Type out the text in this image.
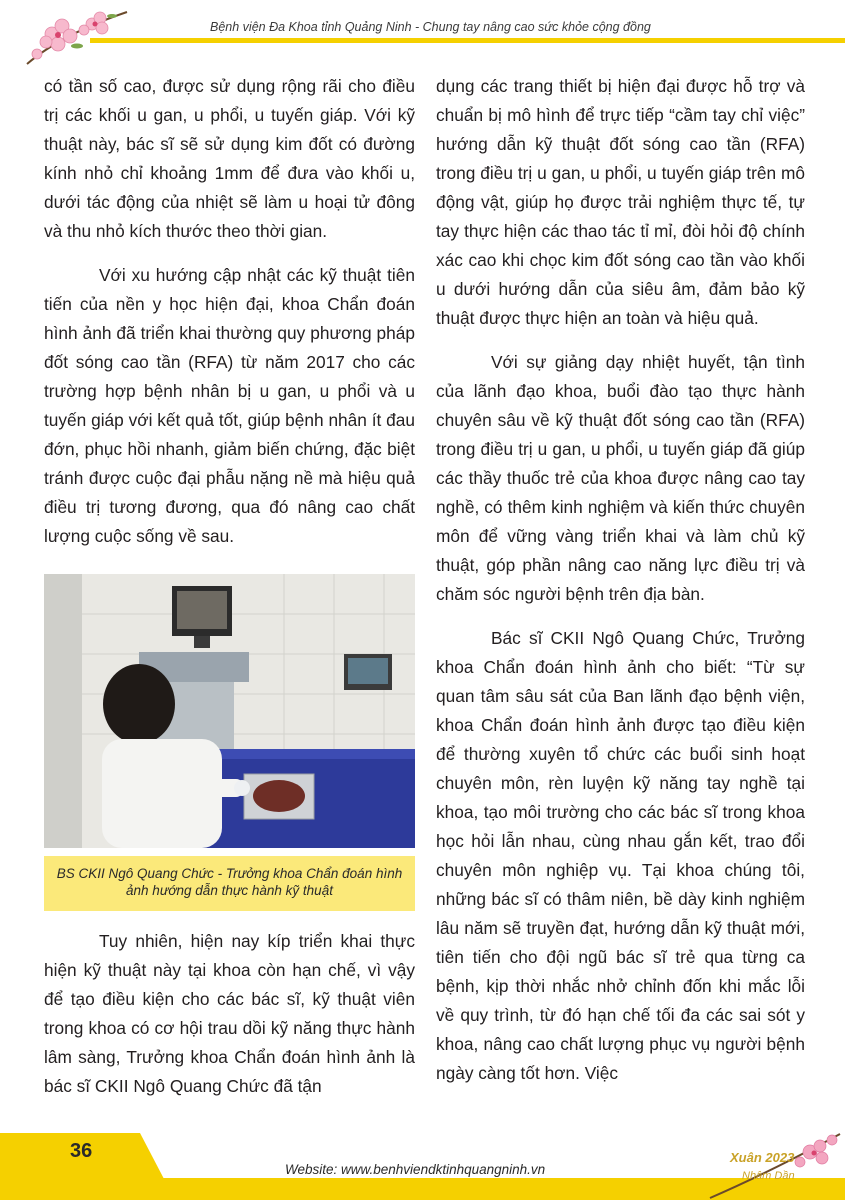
Bệnh viện Đa Khoa tỉnh Quảng Ninh - Chung tay nâng cao sức khỏe cộng đồng

có tần số cao, được sử dụng rộng rãi cho điều trị các khối u gan, u phổi, u tuyến giáp. Với kỹ thuật này, bác sĩ sẽ sử dụng kim đốt có đường kính nhỏ chỉ khoảng 1mm để đưa vào khối u, dưới tác động của nhiệt sẽ làm u hoại tử đông và thu nhỏ kích thước theo thời gian.

Với xu hướng cập nhật các kỹ thuật tiên tiến của nền y học hiện đại, khoa Chẩn đoán hình ảnh đã triển khai thường quy phương pháp đốt sóng cao tần (RFA) từ năm 2017 cho các trường hợp bệnh nhân bị u gan, u phổi và u tuyến giáp với kết quả tốt, giúp bệnh nhân ít đau đớn, phục hồi nhanh, giảm biến chứng, đặc biệt tránh được cuộc đại phẫu nặng nề mà hiệu quả điều trị tương đương, qua đó nâng cao chất lượng cuộc sống về sau.

BS CKII Ngô Quang Chức - Trưởng khoa Chẩn đoán hình ảnh hướng dẫn thực hành kỹ thuật

Tuy nhiên, hiện nay kíp triển khai thực hiện kỹ thuật này tại khoa còn hạn chế, vì vậy để tạo điều kiện cho các bác sĩ, kỹ thuật viên trong khoa có cơ hội trau dồi kỹ năng thực hành lâm sàng, Trưởng khoa Chẩn đoán hình ảnh là bác sĩ CKII Ngô Quang Chức đã tận

dụng các trang thiết bị hiện đại được hỗ trợ và chuẩn bị mô hình để trực tiếp “cầm tay chỉ việc” hướng dẫn kỹ thuật đốt sóng cao tần (RFA) trong điều trị u gan, u phổi, u tuyến giáp trên mô động vật, giúp họ được trải nghiệm thực tế, tự tay thực hiện các thao tác tỉ mỉ, đòi hỏi độ chính xác cao khi chọc kim đốt sóng cao tần vào khối u dưới hướng dẫn của siêu âm, đảm bảo kỹ thuật được thực hiện an toàn và hiệu quả.

Với sự giảng dạy nhiệt huyết, tận tình của lãnh đạo khoa, buổi đào tạo thực hành chuyên sâu về kỹ thuật đốt sóng cao tần (RFA) trong điều trị u gan, u phổi, u tuyến giáp đã giúp các thầy thuốc trẻ của khoa được nâng cao tay nghề, có thêm kinh nghiệm và kiến thức chuyên môn để vững vàng triển khai và làm chủ kỹ thuật, góp phần nâng cao năng lực điều trị và chăm sóc người bệnh trên địa bàn.

Bác sĩ CKII Ngô Quang Chức, Trưởng khoa Chẩn đoán hình ảnh cho biết: “Từ sự quan tâm sâu sát của Ban lãnh đạo bệnh viện, khoa Chẩn đoán hình ảnh được tạo điều kiện để thường xuyên tổ chức các buổi sinh hoạt chuyên môn, rèn luyện kỹ năng tay nghề tại khoa, tạo môi trường cho các bác sĩ trong khoa học hỏi lẫn nhau, cùng nhau gắn kết, trao đổi chuyên môn nghiệp vụ. Tại khoa chúng tôi, những bác sĩ có thâm niên, bề dày kinh nghiệm lâu năm sẽ truyền đạt, hướng dẫn kỹ thuật mới, tiên tiến cho đội ngũ bác sĩ trẻ qua từng ca bệnh, kịp thời nhắc nhở chỉnh đốn khi mắc lỗi về quy trình, từ đó hạn chế tối đa các sai sót y khoa, nâng cao chất lượng phục vụ người bệnh ngày càng tốt hơn. Việc

36
Website: www.benhviendktinhquangninh.vn
Xuân 2023
Nhâm Dần
